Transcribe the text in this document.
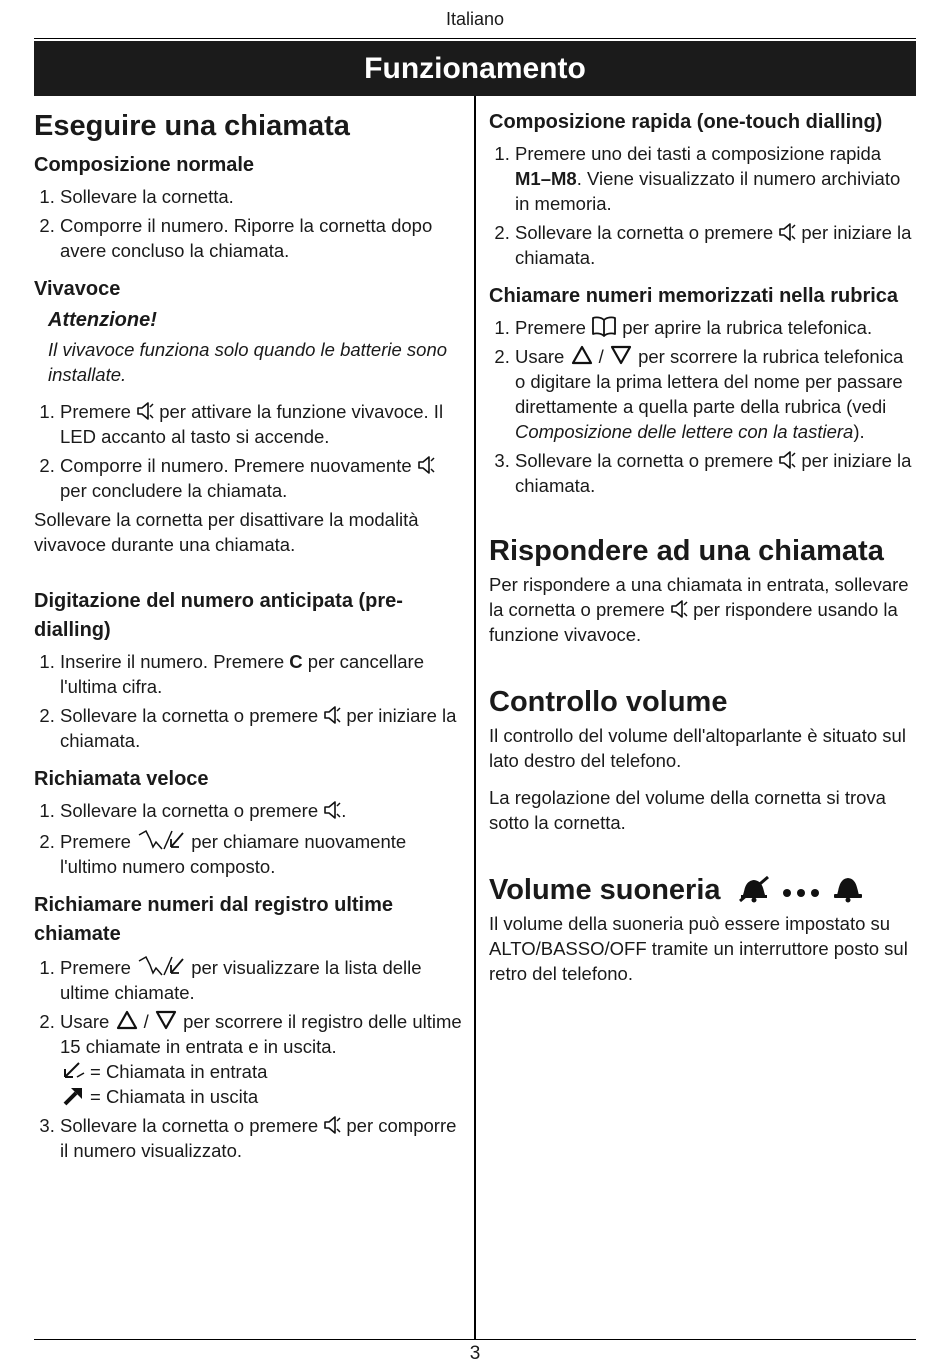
Italiano
Funzionamento
3
Eseguire una chiamata
Composizione normale
1. Sollevare la cornetta.
2. Comporre il numero. Riporre la cornetta dopo avere concluso la chiamata.
Vivavoce
Attenzione!
Il vivavoce funziona solo quando le batterie sono installate.
1. Premere per attivare la funzione vivavoce. Il LED accanto al tasto si accende.
2. Comporre il numero. Premere nuovamente  per concludere la chiamata.
Sollevare la cornetta per disattivare la modalità vivavoce durante una chiamata.
Digitazione del numero anticipata (pre-dialling)
1. Inserire il numero. Premere C per cancellare l'ultima cifra.
2. Sollevare la cornetta o premere per iniziare la chiamata.
Richiamata veloce
1. Sollevare la cornetta o premere .
2. Premere	per chiamare nuovamente l'ultimo numero composto.
Richiamare numeri dal registro ultime chiamate
1. Premere	per visualizzare la lista delle ultime chiamate.
2. Usare / per scorrere il registro delle ultime 15 chiamate in entrata e in uscita.
= Chiamata in entrata
= Chiamata in uscita
3. Sollevare la cornetta o premere per comporre il numero visualizzato.
Composizione rapida (one-touch dialling)
1. Premere uno dei tasti a composizione rapida M1–M8. Viene visualizzato il numero archiviato in memoria.
2. Sollevare la cornetta o premere per iniziare la chiamata.
Chiamare numeri memorizzati nella rubrica
1. Premere per aprire la rubrica telefonica.
2. Usare / per scorrere la rubrica telefonica o digitare la prima lettera del nome per passare direttamente a quella parte della rubrica (vedi Composizione delle lettere con la tastiera).
3. Sollevare la cornetta o premere per iniziare la chiamata.
Rispondere ad una chiamata
Per rispondere a una chiamata in entrata, sollevare la cornetta o premere per rispondere usando la funzione vivavoce.
Controllo volume
Il controllo del volume dell'altoparlante è situato sul lato destro del telefono.
La regolazione del volume della cornetta si trova sotto la cornetta.
Volume suoneria
Il volume della suoneria può essere impostato su ALTO/BASSO/OFF tramite un interruttore posto sul retro del telefono.
